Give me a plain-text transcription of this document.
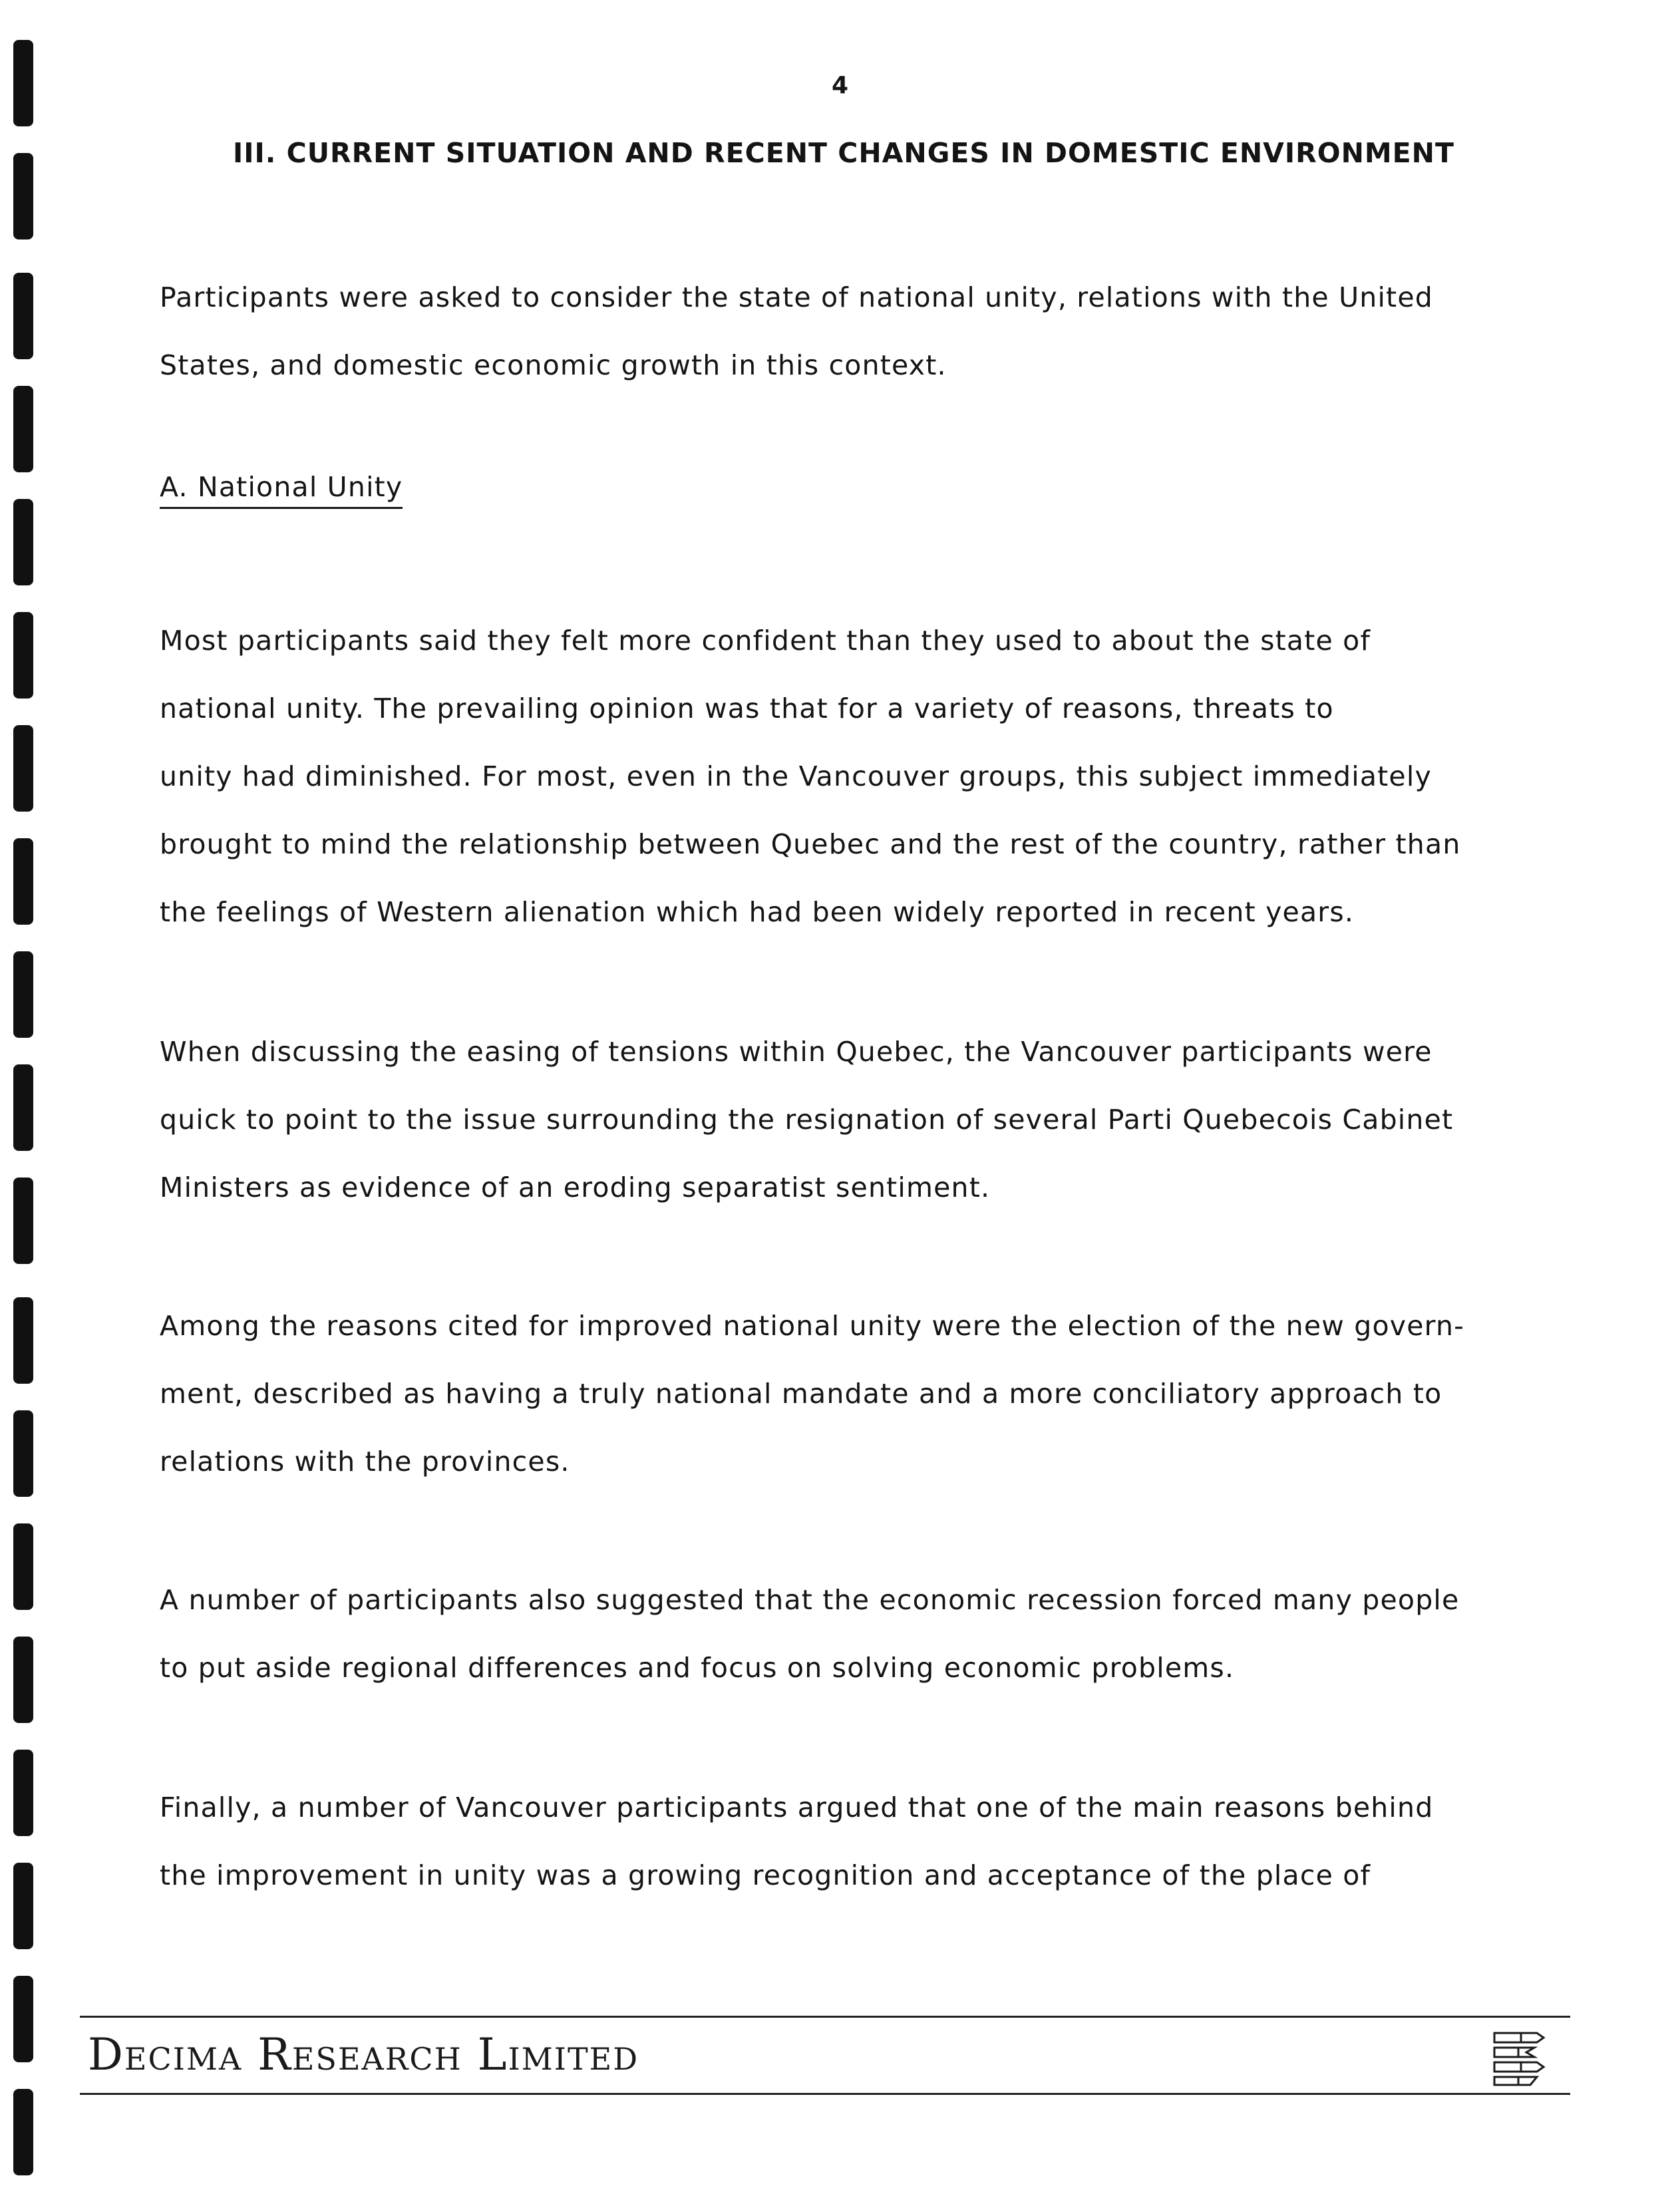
4
III. CURRENT SITUATION AND RECENT CHANGES IN DOMESTIC ENVIRONMENT

Participants were asked to consider the state of national unity, relations with the United
States, and domestic economic growth in this context.

A. National Unity

Most participants said they felt more confident than they used to about the state of
national unity. The prevailing opinion was that for a variety of reasons, threats to
unity had diminished. For most, even in the Vancouver groups, this subject immediately
brought to mind the relationship between Quebec and the rest of the country, rather than
the feelings of Western alienation which had been widely reported in recent years.

When discussing the easing of tensions within Quebec, the Vancouver participants were
quick to point to the issue surrounding the resignation of several Parti Quebecois Cabinet
Ministers as evidence of an eroding separatist sentiment.

Among the reasons cited for improved national unity were the election of the new govern-
ment, described as having a truly national mandate and a more conciliatory approach to
relations with the provinces.

A number of participants also suggested that the economic recession forced many people
to put aside regional differences and focus on solving economic problems.

Finally, a number of Vancouver participants argued that one of the main reasons behind
the improvement in unity was a growing recognition and acceptance of the place of

Decima Research Limited
